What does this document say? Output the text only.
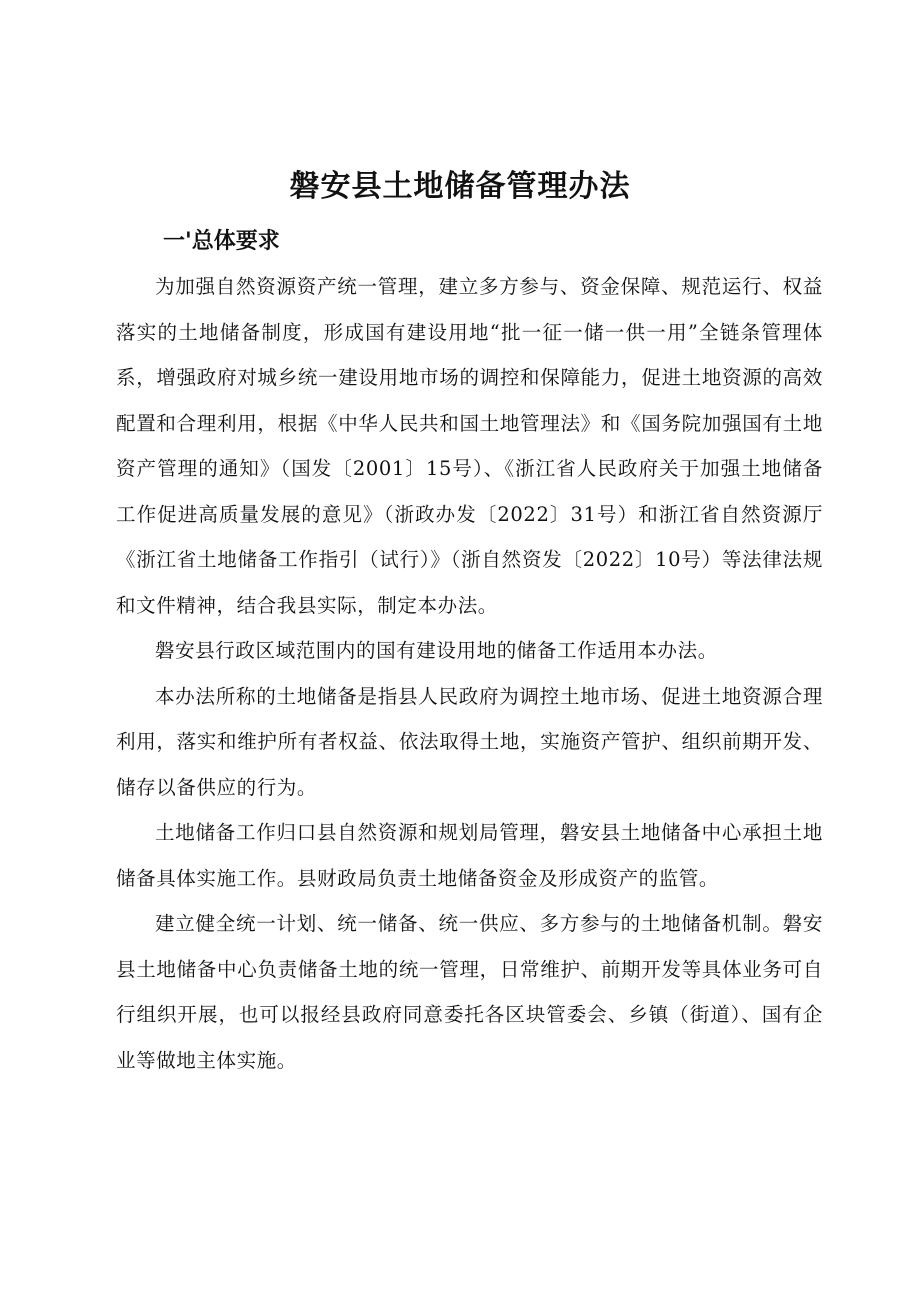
磐安县土地储备管理办法
一'总体要求

为加强自然资源资产统一管理，建立多方参与、资金保障、规范运行、权益落实的土地储备制度，形成国有建设用地“批一征一储一供一用”全链条管理体系，增强政府对城乡统一建设用地市场的调控和保障能力，促进土地资源的高效配置和合理利用，根据《中华人民共和国土地管理法》和《国务院加强国有土地资产管理的通知》（国发〔2001〕15号）、《浙江省人民政府关于加强土地储备工作促进高质量发展的意见》（浙政办发〔2022〕31号）和浙江省自然资源厅《浙江省土地储备工作指引（试行）》（浙自然资发〔2022〕10号）等法律法规和文件精神，结合我县实际，制定本办法。

磐安县行政区域范围内的国有建设用地的储备工作适用本办法。

本办法所称的土地储备是指县人民政府为调控土地市场、促进土地资源合理利用，落实和维护所有者权益、依法取得土地，实施资产管护、组织前期开发、储存以备供应的行为。

土地储备工作归口县自然资源和规划局管理，磐安县土地储备中心承担土地储备具体实施工作。县财政局负责土地储备资金及形成资产的监管。

建立健全统一计划、统一储备、统一供应、多方参与的土地储备机制。磐安县土地储备中心负责储备土地的统一管理，日常维护、前期开发等具体业务可自行组织开展，也可以报经县政府同意委托各区块管委会、乡镇（街道）、国有企业等做地主体实施。
